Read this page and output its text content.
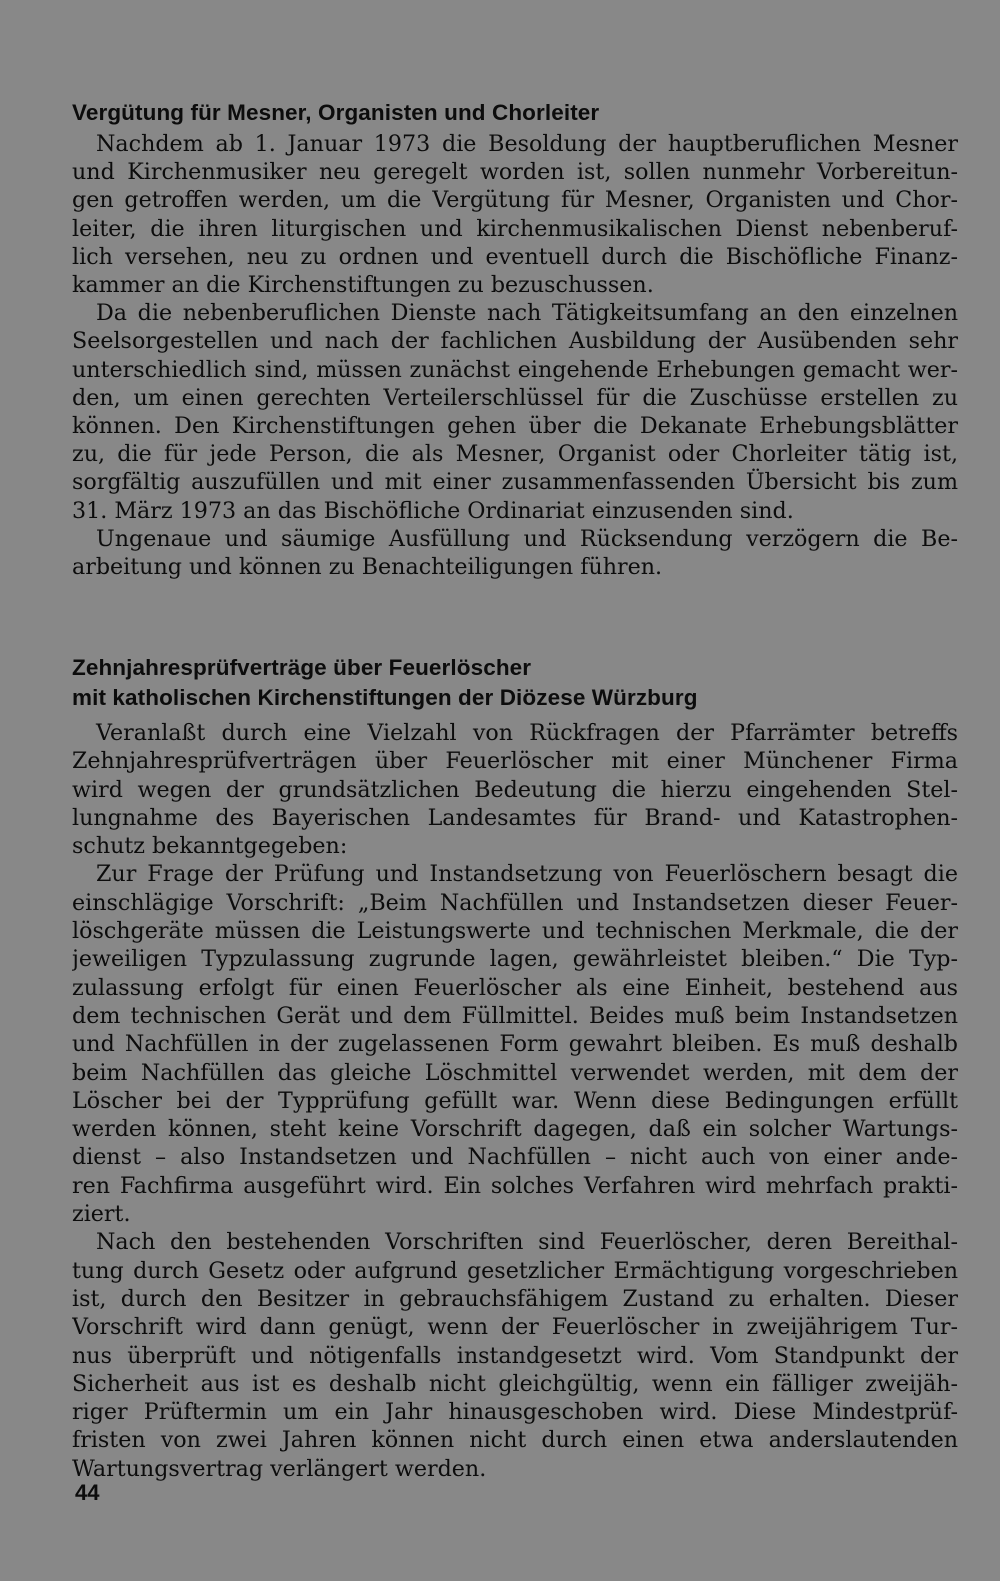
Vergütung für Mesner, Organisten und Chorleiter
Nachdem ab 1. Januar 1973 die Besoldung der hauptberuflichen Mesner
und Kirchenmusiker neu geregelt worden ist, sollen nunmehr Vorbereitun-
gen getroffen werden, um die Vergütung für Mesner, Organisten und Chor-
leiter, die ihren liturgischen und kirchenmusikalischen Dienst nebenberuf-
lich versehen, neu zu ordnen und eventuell durch die Bischöfliche Finanz-
kammer an die Kirchenstiftungen zu bezuschussen.
Da die nebenberuflichen Dienste nach Tätigkeitsumfang an den einzelnen
Seelsorgestellen und nach der fachlichen Ausbildung der Ausübenden sehr
unterschiedlich sind, müssen zunächst eingehende Erhebungen gemacht wer-
den, um einen gerechten Verteilerschlüssel für die Zuschüsse erstellen zu
können. Den Kirchenstiftungen gehen über die Dekanate Erhebungsblätter
zu, die für jede Person, die als Mesner, Organist oder Chorleiter tätig ist,
sorgfältig auszufüllen und mit einer zusammenfassenden Übersicht bis zum
31. März 1973 an das Bischöfliche Ordinariat einzusenden sind.
Ungenaue und säumige Ausfüllung und Rücksendung verzögern die Be-
arbeitung und können zu Benachteiligungen führen.
Zehnjahresprüfverträge über Feuerlöscher
mit katholischen Kirchenstiftungen der Diözese Würzburg
Veranlaßt durch eine Vielzahl von Rückfragen der Pfarrämter betreffs
Zehnjahresprüfverträgen über Feuerlöscher mit einer Münchener Firma
wird wegen der grundsätzlichen Bedeutung die hierzu eingehenden Stel-
lungnahme des Bayerischen Landesamtes für Brand- und Katastrophen-
schutz bekanntgegeben:
Zur Frage der Prüfung und Instandsetzung von Feuerlöschern besagt die
einschlägige Vorschrift: „Beim Nachfüllen und Instandsetzen dieser Feuer-
löschgeräte müssen die Leistungswerte und technischen Merkmale, die der
jeweiligen Typzulassung zugrunde lagen, gewährleistet bleiben.“ Die Typ-
zulassung erfolgt für einen Feuerlöscher als eine Einheit, bestehend aus
dem technischen Gerät und dem Füllmittel. Beides muß beim Instandsetzen
und Nachfüllen in der zugelassenen Form gewahrt bleiben. Es muß deshalb
beim Nachfüllen das gleiche Löschmittel verwendet werden, mit dem der
Löscher bei der Typprüfung gefüllt war. Wenn diese Bedingungen erfüllt
werden können, steht keine Vorschrift dagegen, daß ein solcher Wartungs-
dienst – also Instandsetzen und Nachfüllen – nicht auch von einer ande-
ren Fachfirma ausgeführt wird. Ein solches Verfahren wird mehrfach prakti-
ziert.
Nach den bestehenden Vorschriften sind Feuerlöscher, deren Bereithal-
tung durch Gesetz oder aufgrund gesetzlicher Ermächtigung vorgeschrieben
ist, durch den Besitzer in gebrauchsfähigem Zustand zu erhalten. Dieser
Vorschrift wird dann genügt, wenn der Feuerlöscher in zweijährigem Tur-
nus überprüft und nötigenfalls instandgesetzt wird. Vom Standpunkt der
Sicherheit aus ist es deshalb nicht gleichgültig, wenn ein fälliger zweijäh-
riger Prüftermin um ein Jahr hinausgeschoben wird. Diese Mindestprüf-
fristen von zwei Jahren können nicht durch einen etwa anderslautenden
Wartungsvertrag verlängert werden.
44
